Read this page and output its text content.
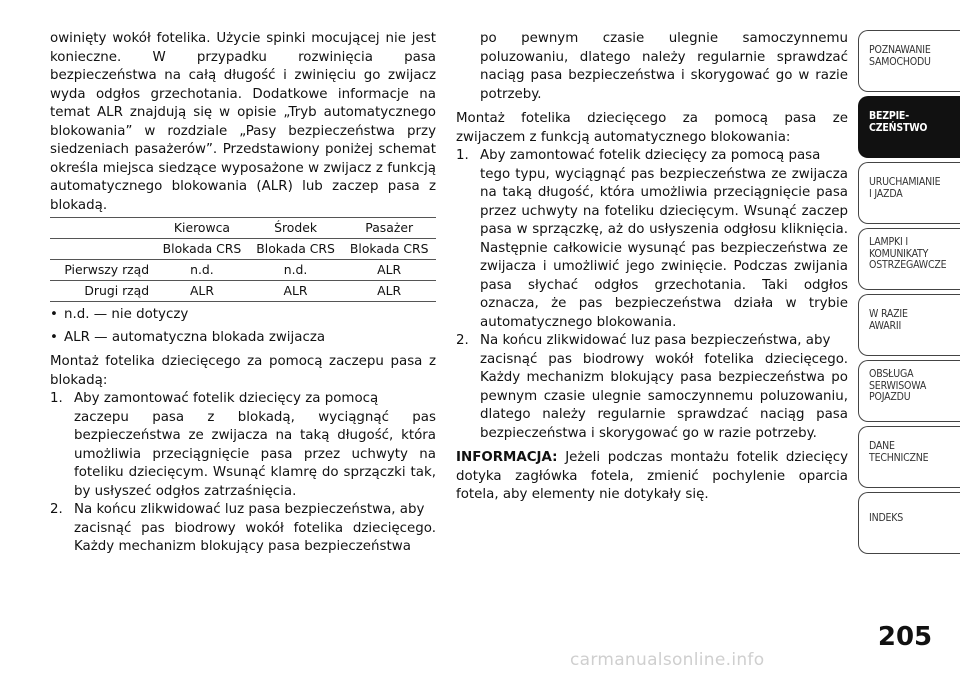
owinięty wokół fotelika. Użycie spinki mocującej nie jest konieczne. W przypadku rozwinięcia pasa bezpieczeństwa na całą długość i zwinięciu go zwijacz wyda odgłos grzechotania. Dodatkowe informacje na temat ALR znajdują się w opisie „Tryb automatycznego blokowania” w rozdziale „Pasy bezpieczeństwa przy siedzeniach pasażerów”. Przedstawiony poniżej schemat określa miejsca siedzące wyposażone w zwijacz z funkcją automatycznego blokowania (ALR) lub zaczep pasa z blokadą.

	Kierowca	Środek	Pasażer
	Blokada CRS	Blokada CRS	Blokada CRS
Pierwszy rząd	n.d.	n.d.	ALR
Drugi rząd	ALR	ALR	ALR
• n.d. — nie dotyczy
• ALR — automatyczna blokada zwijacza

Montaż fotelika dziecięcego za pomocą zaczepu pasa z blokadą:

1. Aby zamontować fotelik dziecięcy za pomocą

zaczepu pasa z blokadą, wyciągnąć pas bezpieczeństwa ze zwijacza na taką długość, która umożliwia przeciągnięcie pasa przez uchwyty na foteliku dziecięcym. Wsunąć klamrę do sprzączki tak, by usłyszeć odgłos zatrzaśnięcia.

2. Na końcu zlikwidować luz pasa bezpieczeństwa, aby

zacisnąć pas biodrowy wokół fotelika dziecięcego. Każdy mechanizm blokujący pasa bezpieczeństwa

po pewnym czasie ulegnie samoczynnemu poluzowaniu, dlatego należy regularnie sprawdzać naciąg pasa bezpieczeństwa i skorygować go w razie potrzeby.

Montaż fotelika dziecięcego za pomocą pasa ze zwijaczem z funkcją automatycznego blokowania:

1. Aby zamontować fotelik dziecięcy za pomocą pasa

tego typu, wyciągnąć pas bezpieczeństwa ze zwijacza na taką długość, która umożliwia przeciągnięcie pasa przez uchwyty na foteliku dziecięcym. Wsunąć zaczep pasa w sprzączkę, aż do usłyszenia odgłosu kliknięcia. Następnie całkowicie wysunąć pas bezpieczeństwa ze zwijacza i umożliwić jego zwinięcie. Podczas zwijania pasa słychać odgłos grzechotania. Taki odgłos oznacza, że pas bezpieczeństwa działa w trybie automatycznego blokowania.

2. Na końcu zlikwidować luz pasa bezpieczeństwa, aby

zacisnąć pas biodrowy wokół fotelika dziecięcego. Każdy mechanizm blokujący pasa bezpieczeństwa po pewnym czasie ulegnie samoczynnemu poluzowaniu, dlatego należy regularnie sprawdzać naciąg pasa bezpieczeństwa i skorygować go w razie potrzeby.

INFORMACJA: Jeżeli podczas montażu fotelik dziecięcy dotyka zagłówka fotela, zmienić pochylenie oparcia fotela, aby elementy nie dotykały się.

POZNAWANIE
SAMOCHODU
BEZPIE-
CZEŃSTWO
URUCHAMIANIE
I JAZDA
LAMPKI I
KOMUNIKATY
OSTRZEGAWCZE
W RAZIE
AWARII
OBSŁUGA
SERWISOWA
POJAZDU
DANE
TECHNICZNE
INDEKS
205
carmanualsonline.info
